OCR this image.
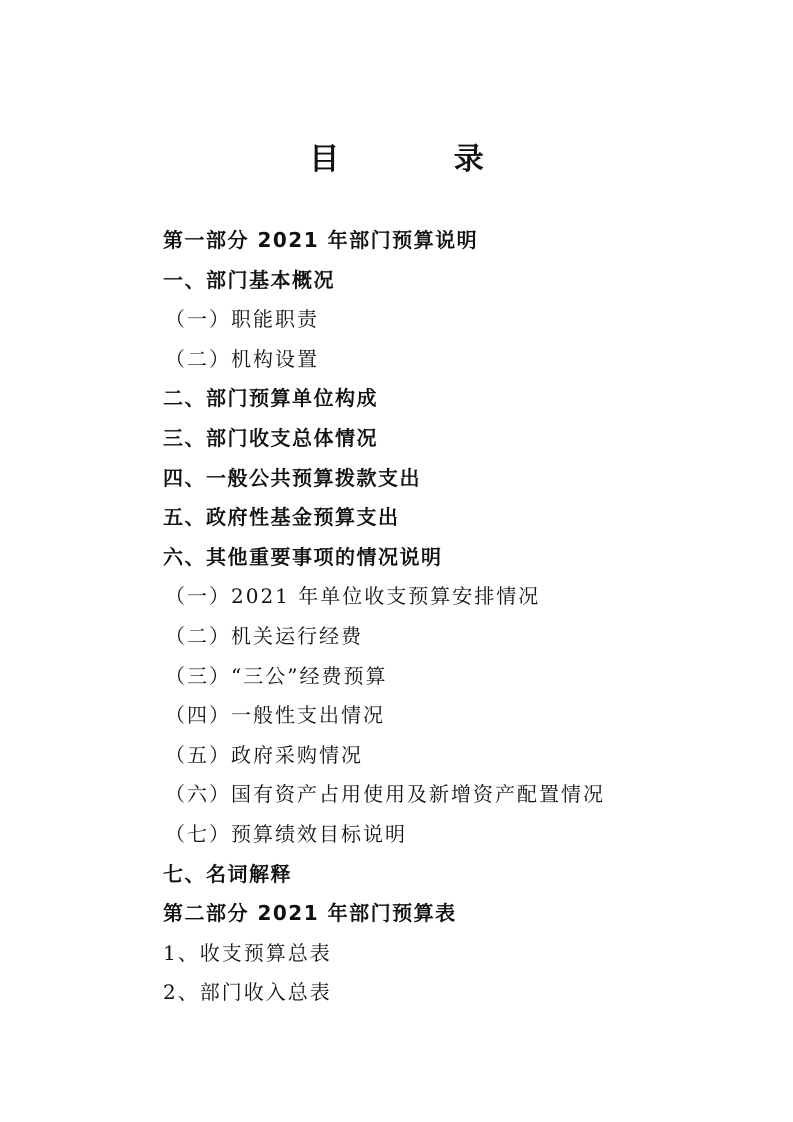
目 录
第一部分 2021 年部门预算说明
一、部门基本概况
（一）职能职责
（二）机构设置
二、部门预算单位构成
三、部门收支总体情况
四、一般公共预算拨款支出
五、政府性基金预算支出
六、其他重要事项的情况说明
（一）2021 年单位收支预算安排情况
（二）机关运行经费
（三）“三公”经费预算
（四）一般性支出情况
（五）政府采购情况
（六）国有资产占用使用及新增资产配置情况
（七）预算绩效目标说明
七、名词解释
第二部分 2021 年部门预算表
1、收支预算总表
2、部门收入总表
